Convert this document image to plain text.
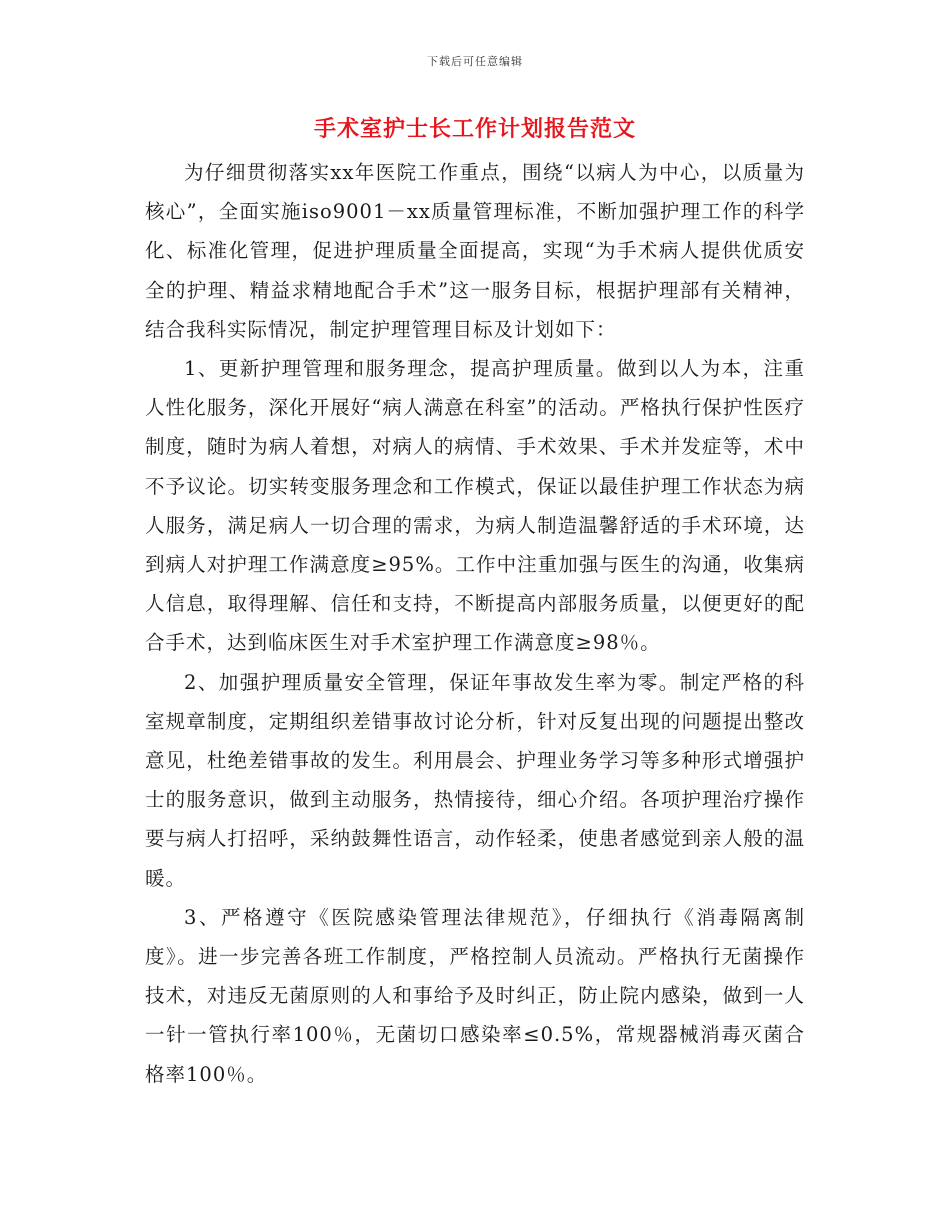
下载后可任意编辑
手术室护士长工作计划报告范文

为仔细贯彻落实xx年医院工作重点，围绕“以病人为中心，以质量为核心”，全面实施iso9001－xx质量管理标准，不断加强护理工作的科学化、标准化管理，促进护理质量全面提高，实现“为手术病人提供优质安全的护理、精益求精地配合手术”这一服务目标，根据护理部有关精神，结合我科实际情况，制定护理管理目标及计划如下：

1、更新护理管理和服务理念，提高护理质量。做到以人为本，注重人性化服务，深化开展好“病人满意在科室”的活动。严格执行保护性医疗制度，随时为病人着想，对病人的病情、手术效果、手术并发症等，术中不予议论。切实转变服务理念和工作模式，保证以最佳护理工作状态为病人服务，满足病人一切合理的需求，为病人制造温馨舒适的手术环境，达到病人对护理工作满意度≥95%。工作中注重加强与医生的沟通，收集病人信息，取得理解、信任和支持，不断提高内部服务质量，以便更好的配合手术，达到临床医生对手术室护理工作满意度≥98％。

2、加强护理质量安全管理，保证年事故发生率为零。制定严格的科室规章制度，定期组织差错事故讨论分析，针对反复出现的问题提出整改意见，杜绝差错事故的发生。利用晨会、护理业务学习等多种形式增强护士的服务意识，做到主动服务，热情接待，细心介绍。各项护理治疗操作要与病人打招呼，采纳鼓舞性语言，动作轻柔，使患者感觉到亲人般的温暖。

3、严格遵守《医院感染管理法律规范》，仔细执行《消毒隔离制度》。进一步完善各班工作制度，严格控制人员流动。严格执行无菌操作技术，对违反无菌原则的人和事给予及时纠正，防止院内感染，做到一人一针一管执行率100％，无菌切口感染率≤0.5%，常规器械消毒灭菌合格率100％。
